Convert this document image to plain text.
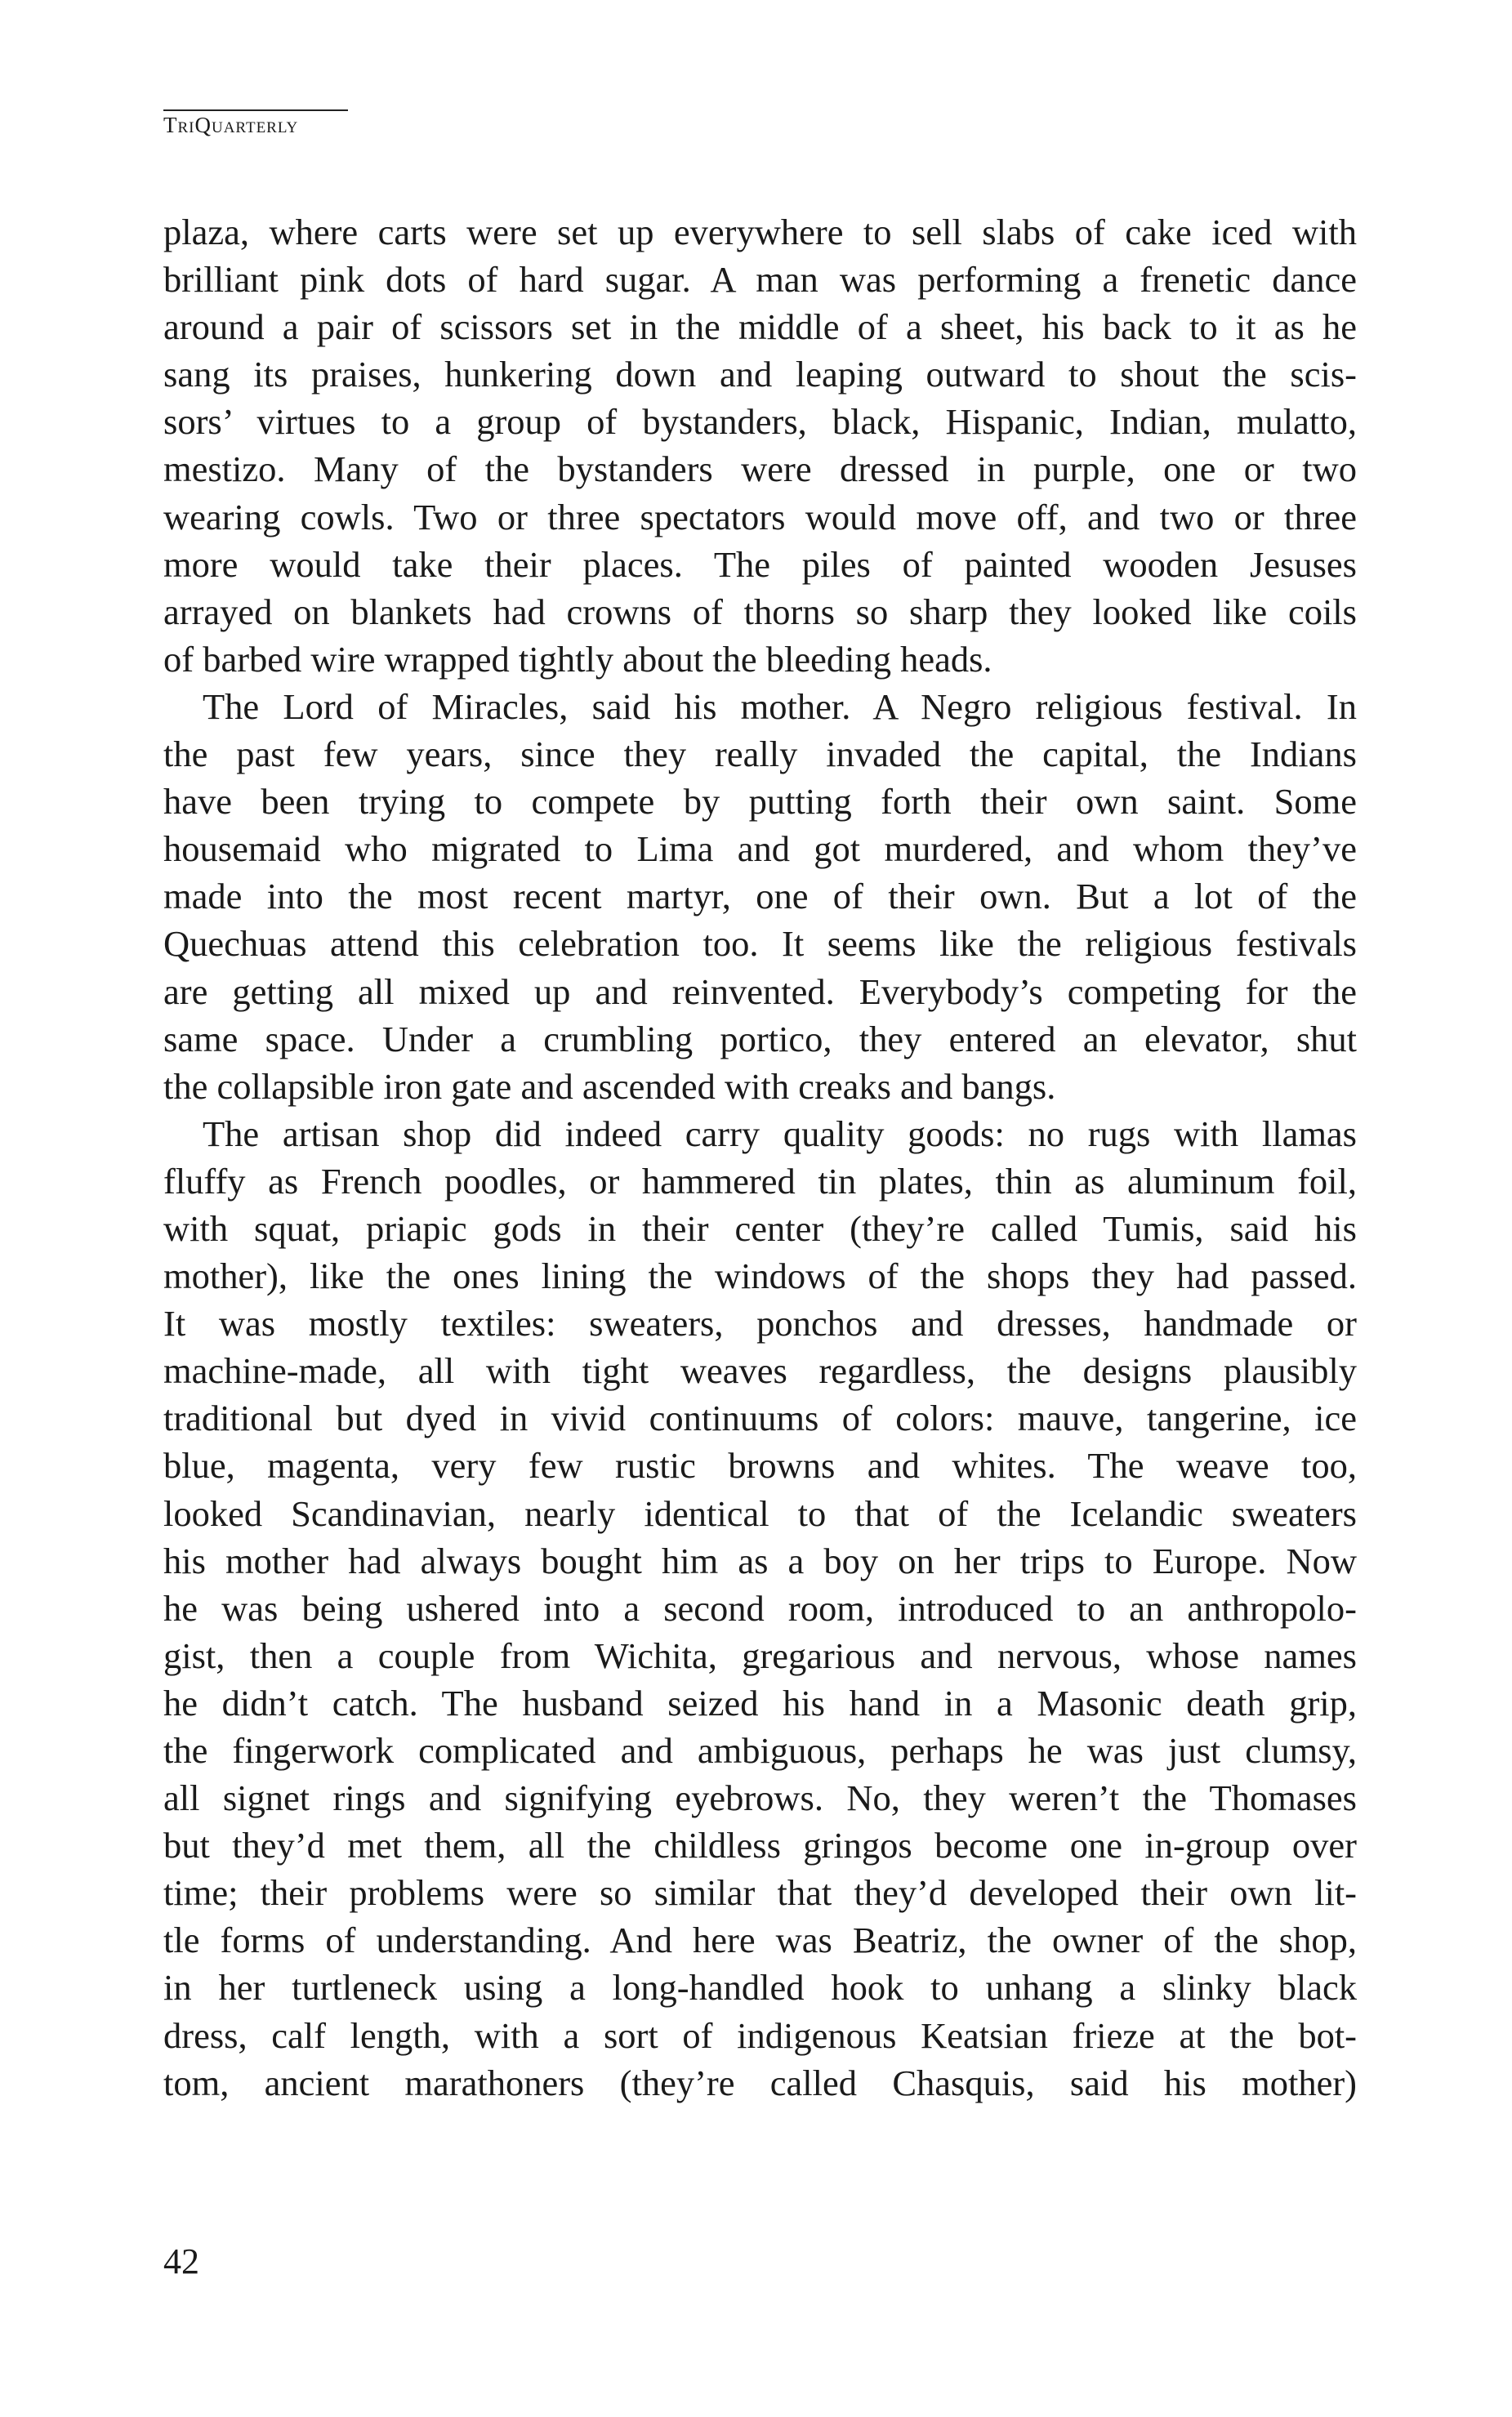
TriQuarterly
plaza, where carts were set up everywhere to sell slabs of cake iced with
brilliant pink dots of hard sugar. A man was performing a frenetic dance
around a pair of scissors set in the middle of a sheet, his back to it as he
sang its praises, hunkering down and leaping outward to shout the scis-
sors’ virtues to a group of bystanders, black, Hispanic, Indian, mulatto,
mestizo. Many of the bystanders were dressed in purple, one or two
wearing cowls. Two or three spectators would move off, and two or three
more would take their places. The piles of painted wooden Jesuses
arrayed on blankets had crowns of thorns so sharp they looked like coils
of barbed wire wrapped tightly about the bleeding heads.
The Lord of Miracles, said his mother. A Negro religious festival. In
the past few years, since they really invaded the capital, the Indians
have been trying to compete by putting forth their own saint. Some
housemaid who migrated to Lima and got murdered, and whom they’ve
made into the most recent martyr, one of their own. But a lot of the
Quechuas attend this celebration too. It seems like the religious festivals
are getting all mixed up and reinvented. Everybody’s competing for the
same space. Under a crumbling portico, they entered an elevator, shut
the collapsible iron gate and ascended with creaks and bangs.
The artisan shop did indeed carry quality goods: no rugs with llamas
fluffy as French poodles, or hammered tin plates, thin as aluminum foil,
with squat, priapic gods in their center (they’re called Tumis, said his
mother), like the ones lining the windows of the shops they had passed.
It was mostly textiles: sweaters, ponchos and dresses, handmade or
machine-made, all with tight weaves regardless, the designs plausibly
traditional but dyed in vivid continuums of colors: mauve, tangerine, ice
blue, magenta, very few rustic browns and whites. The weave too,
looked Scandinavian, nearly identical to that of the Icelandic sweaters
his mother had always bought him as a boy on her trips to Europe. Now
he was being ushered into a second room, introduced to an anthropolo-
gist, then a couple from Wichita, gregarious and nervous, whose names
he didn’t catch. The husband seized his hand in a Masonic death grip,
the fingerwork complicated and ambiguous, perhaps he was just clumsy,
all signet rings and signifying eyebrows. No, they weren’t the Thomases
but they’d met them, all the childless gringos become one in-group over
time; their problems were so similar that they’d developed their own lit-
tle forms of understanding. And here was Beatriz, the owner of the shop,
in her turtleneck using a long-handled hook to unhang a slinky black
dress, calf length, with a sort of indigenous Keatsian frieze at the bot-
tom, ancient marathoners (they’re called Chasquis, said his mother)
42
